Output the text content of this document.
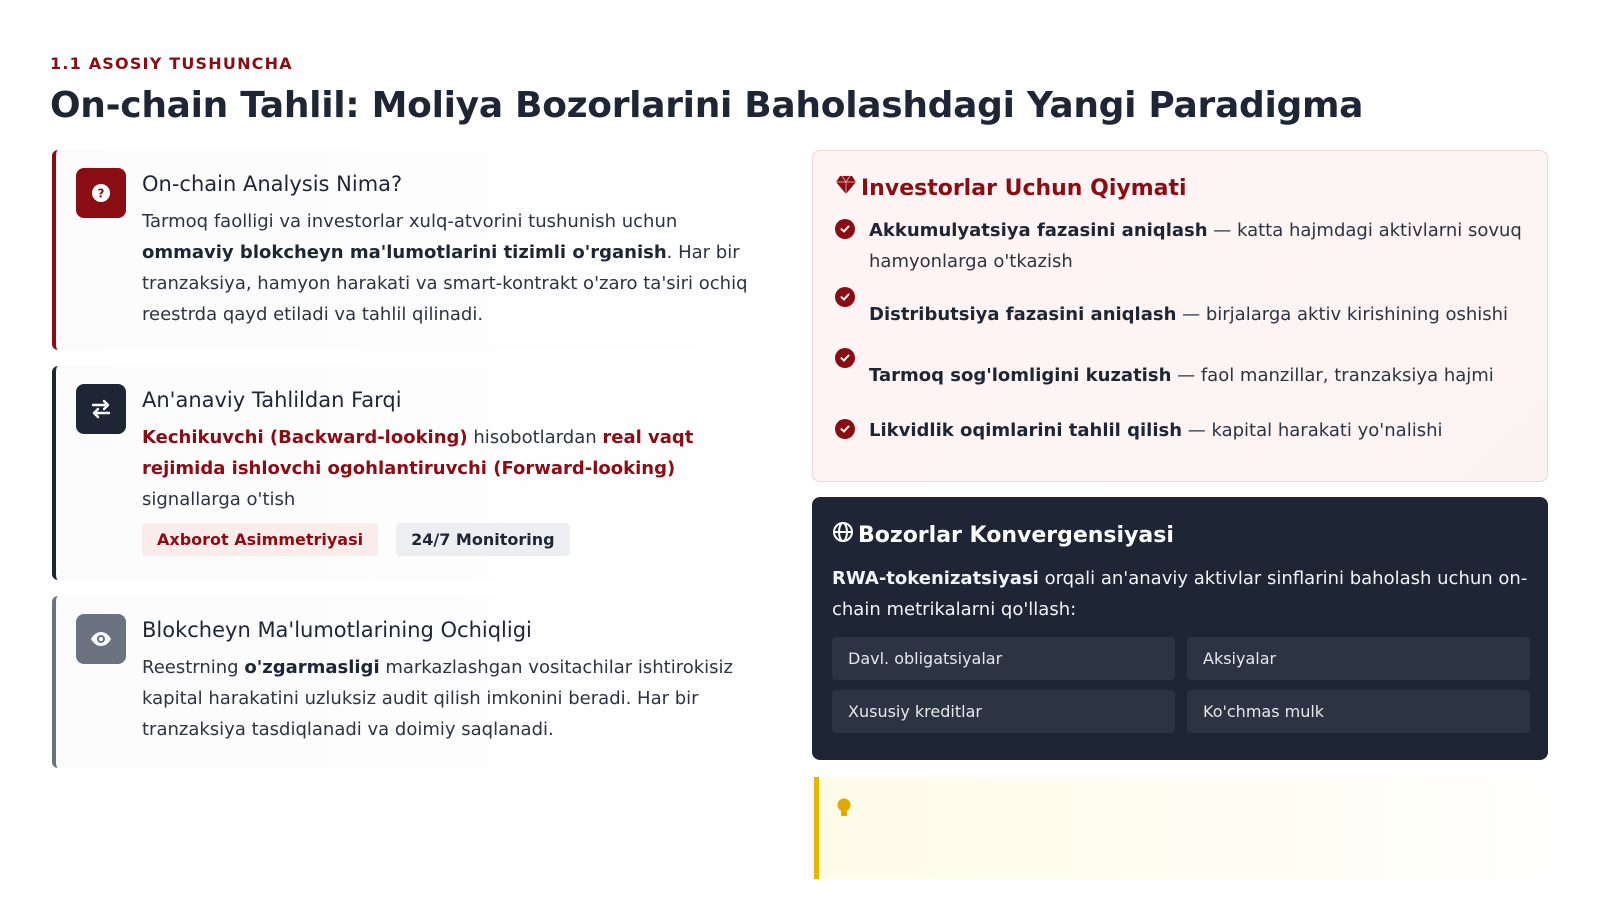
1.1 ASOSIY TUSHUNCHA
On-chain Tahlil: Moliya Bozorlarini Baholashdagi Yangi Paradigma
? On-chain Analysis Nima?

Tarmoq faolligi va investorlar xulq-atvorini tushunish uchun ommaviy blokcheyn ma'lumotlarini tizimli o'rganish. Har bir tranzaksiya, hamyon harakati va smart-kontrakt o'zaro ta'siri ochiq reestrda qayd etiladi va tahlil qilinadi.

An'anaviy Tahlildan Farqi

Kechikuvchi (Backward-looking) hisobotlardan real vaqt rejimida ishlovchi ogohlantiruvchi (Forward-looking) signallarga o'tish

Axborot Asimmetriyasi	24/7 Monitoring
Blokcheyn Ma'lumotlarining Ochiqligi

Reestrning o'zgarmasligi markazlashgan vositachilar ishtirokisiz kapital harakatini uzluksiz audit qilish imkonini beradi. Har bir tranzaksiya tasdiqlanadi va doimiy saqlanadi.

Investorlar Uchun Qiymati
Akkumulyatsiya fazasini aniqlash — katta hajmdagi aktivlarni sovuq hamyonlarga o'tkazish
Distributsiya fazasini aniqlash — birjalarga aktiv kirishining oshishi
Tarmoq sog'lomligini kuzatish — faol manzillar, tranzaksiya hajmi
Likvidlik oqimlarini tahlil qilish — kapital harakati yo'nalishi
Bozorlar Konvergensiyasi

RWA-tokenizatsiyasi orqali an'anaviy aktivlar sinflarini baholash uchun on-chain metrikalarni qo'llash:

Davl. obligatsiyalar	Aksiyalar
Xususiy kreditlar	Ko'chmas mulk
